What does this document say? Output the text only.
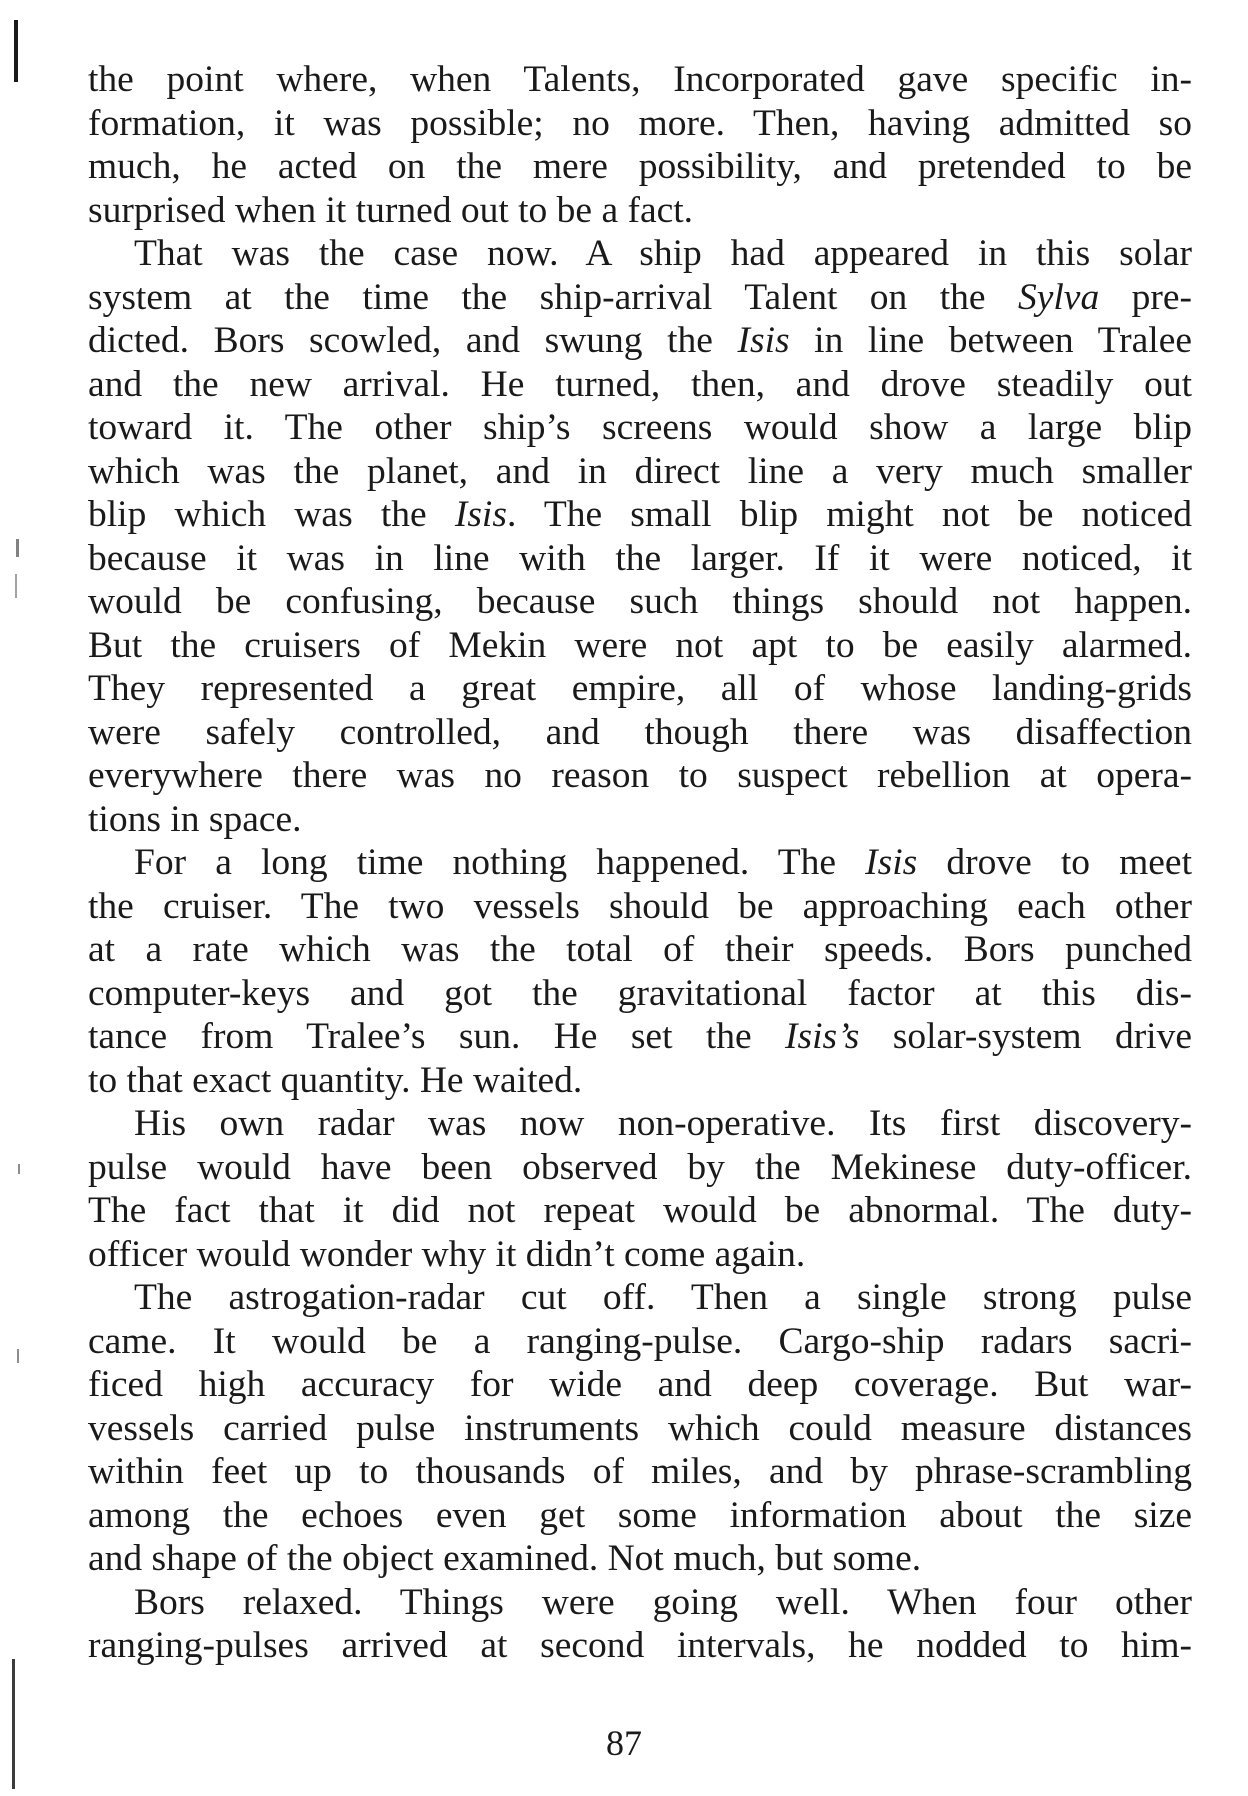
the point where, when Talents, Incorporated gave specific in-
formation, it was possible; no more. Then, having admitted so
much, he acted on the mere possibility, and pretended to be
surprised when it turned out to be a fact.
That was the case now. A ship had appeared in this solar
system at the time the ship-arrival Talent on the Sylva pre-
dicted. Bors scowled, and swung the Isis in line between Tralee
and the new arrival. He turned, then, and drove steadily out
toward it. The other ship’s screens would show a large blip
which was the planet, and in direct line a very much smaller
blip which was the Isis. The small blip might not be noticed
because it was in line with the larger. If it were noticed, it
would be confusing, because such things should not happen.
But the cruisers of Mekin were not apt to be easily alarmed.
They represented a great empire, all of whose landing-grids
were safely controlled, and though there was disaffection
everywhere there was no reason to suspect rebellion at opera-
tions in space.
For a long time nothing happened. The Isis drove to meet
the cruiser. The two vessels should be approaching each other
at a rate which was the total of their speeds. Bors punched
computer-keys and got the gravitational factor at this dis-
tance from Tralee’s sun. He set the Isis’s solar-system drive
to that exact quantity. He waited.
His own radar was now non-operative. Its first discovery-
pulse would have been observed by the Mekinese duty-officer.
The fact that it did not repeat would be abnormal. The duty-
officer would wonder why it didn’t come again.
The astrogation-radar cut off. Then a single strong pulse
came. It would be a ranging-pulse. Cargo-ship radars sacri-
ficed high accuracy for wide and deep coverage. But war-
vessels carried pulse instruments which could measure distances
within feet up to thousands of miles, and by phrase-scrambling
among the echoes even get some information about the size
and shape of the object examined. Not much, but some.
Bors relaxed. Things were going well. When four other
ranging-pulses arrived at second intervals, he nodded to him-
87
